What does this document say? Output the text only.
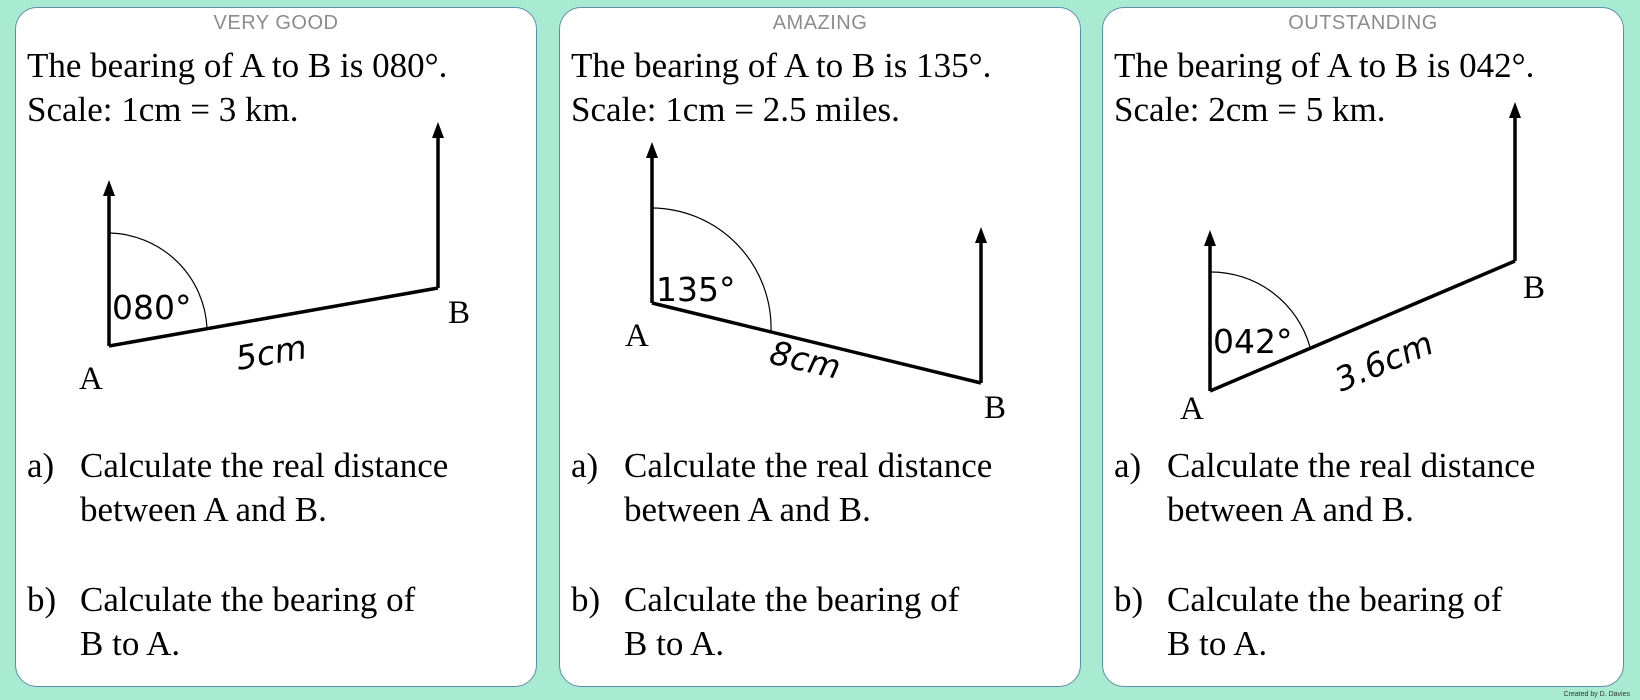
VERY GOOD
The bearing of A to B is 080°.
Scale: 1cm = 3 km.
080°
A
B
5cm
a) Calculate the real distance
between A and B.
b) Calculate the bearing of
B to A.
AMAZING
The bearing of A to B is 135°.
Scale: 1cm = 2.5 miles.
135°
A
B
8cm
a) Calculate the real distance
between A and B.
b) Calculate the bearing of
B to A.
OUTSTANDING
The bearing of A to B is 042°.
Scale: 2cm = 5 km.
042°
A
B
3.6cm
a) Calculate the real distance
between A and B.
b) Calculate the bearing of
B to A.
Created by D. Davies
